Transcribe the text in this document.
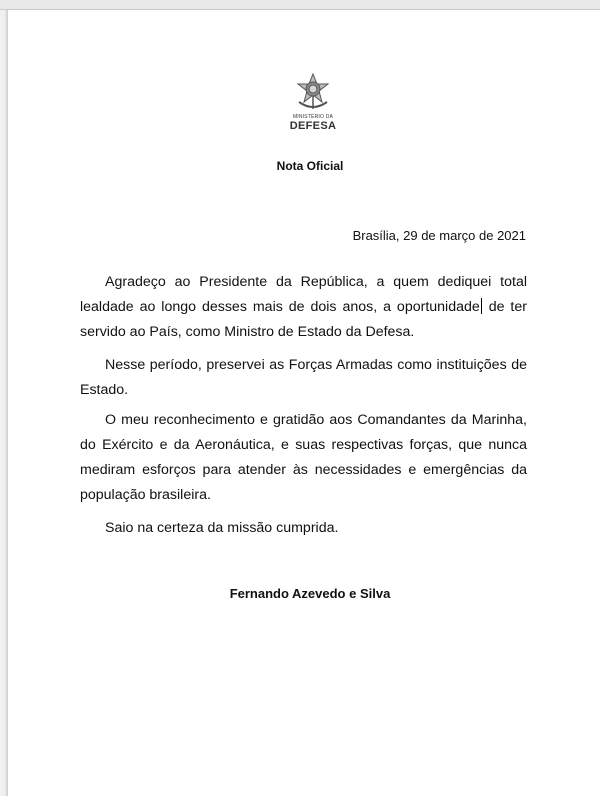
MINISTÉRIO DA
DEFESA
Nota Oficial
Brasília, 29 de março de 2021

Agradeço ao Presidente da República, a quem dediquei total lealdade ao longo desses mais de dois anos, a oportunidade de ter servido ao País, como Ministro de Estado da Defesa.

Nesse período, preservei as Forças Armadas como instituições de Estado.

O meu reconhecimento e gratidão aos Comandantes da Marinha, do Exército e da Aeronáutica, e suas respectivas forças, que nunca mediram esforços para atender às necessidades e emergências da população brasileira.

Saio na certeza da missão cumprida.

Fernando Azevedo e Silva
